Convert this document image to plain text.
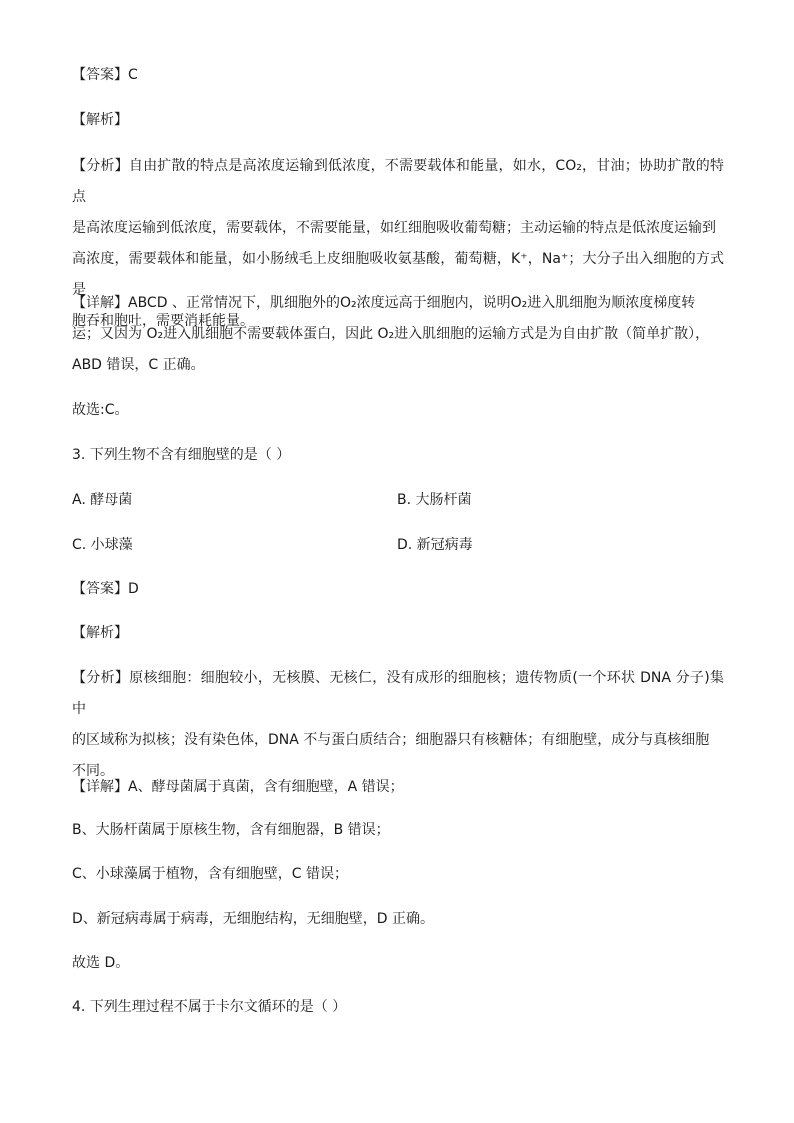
【答案】C
【解析】

【分析】自由扩散的特点是高浓度运输到低浓度，不需要载体和能量，如水，CO₂，甘油；协助扩散的特点

是高浓度运输到低浓度，需要载体，不需要能量，如红细胞吸收葡萄糖；主动运输的特点是低浓度运输到

高浓度，需要载体和能量，如小肠绒毛上皮细胞吸收氨基酸，葡萄糖，K⁺，Na⁺；大分子出入细胞的方式是

胞吞和胞吐，需要消耗能量。

【详解】ABCD 、正常情况下，肌细胞外的O₂浓度远高于细胞内，说明O₂进入肌细胞为顺浓度梯度转

运；又因为 O₂进入肌细胞不需要载体蛋白，因此 O₂进入肌细胞的运输方式是为自由扩散（简单扩散），

ABD 错误，C 正确。

故选:C。
3. 下列生物不含有细胞壁的是（ ）
A. 酵母菌	B. 大肠杆菌
C. 小球藻	D. 新冠病毒
【答案】D
【解析】

【分析】原核细胞：细胞较小，无核膜、无核仁，没有成形的细胞核；遗传物质(一个环状 DNA 分子)集中

的区域称为拟核；没有染色体，DNA 不与蛋白质结合；细胞器只有核糖体；有细胞壁，成分与真核细胞

不同。

【详解】A、酵母菌属于真菌，含有细胞壁，A 错误；
B、大肠杆菌属于原核生物，含有细胞器，B 错误；
C、小球藻属于植物，含有细胞壁，C 错误；
D、新冠病毒属于病毒，无细胞结构，无细胞壁，D 正确。
故选 D。
4. 下列生理过程不属于卡尔文循环的是（ ）
